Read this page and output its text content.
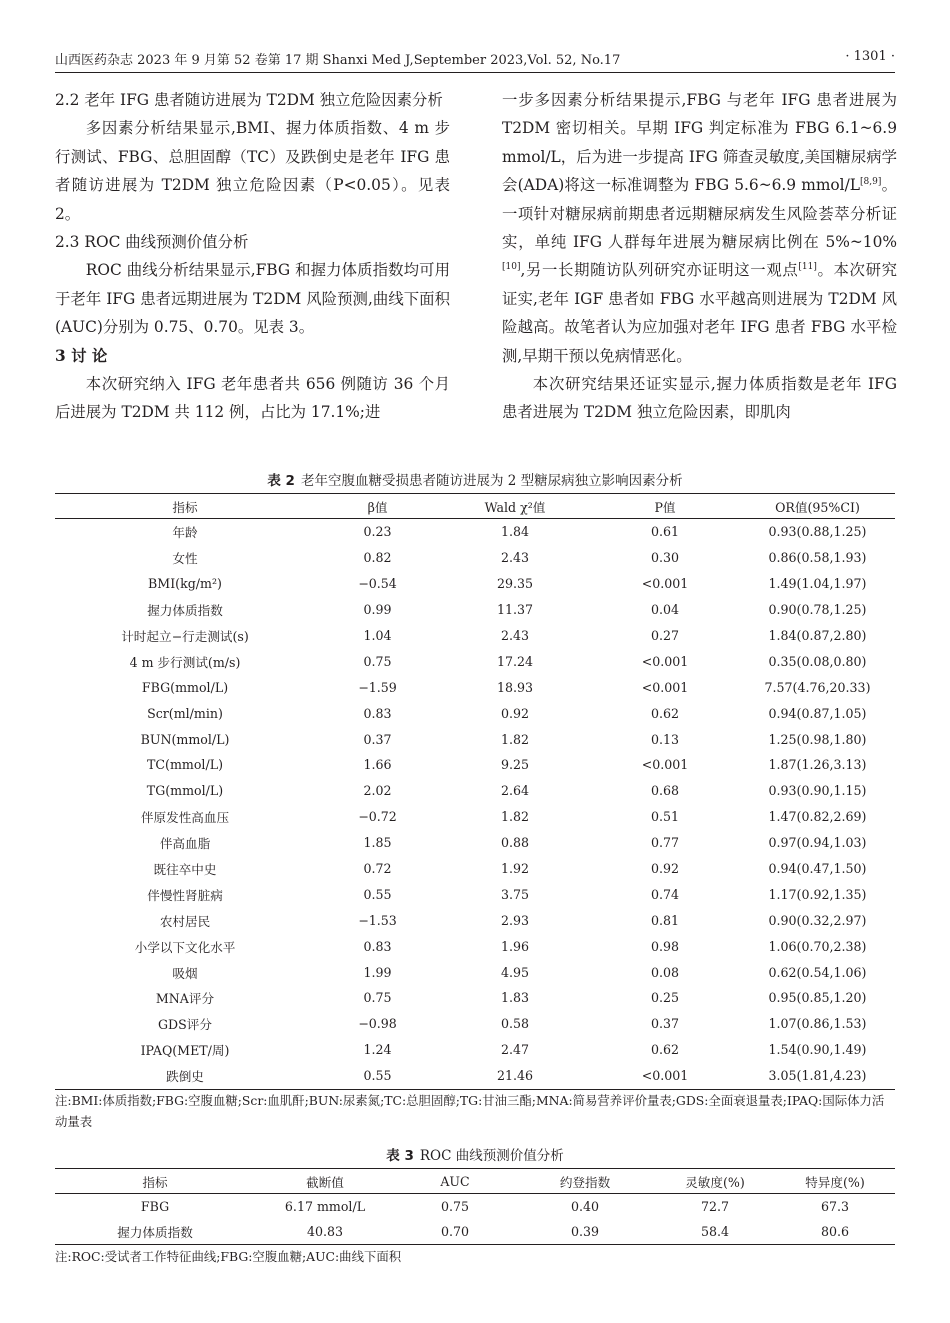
山西医药杂志 2023 年 9 月第 52 卷第 17 期 Shanxi Med J,September 2023,Vol. 52, No.17	· 1301 ·

2.2 老年 IFG 患者随访进展为 T2DM 独立危险因素分析

多因素分析结果显示,BMI、握力体质指数、4 m 步行测试、FBG、总胆固醇（TC）及跌倒史是老年 IFG 患者随访进展为 T2DM 独立危险因素（P<0.05）。见表 2。

2.3 ROC 曲线预测价值分析

ROC 曲线分析结果显示,FBG 和握力体质指数均可用于老年 IFG 患者远期进展为 T2DM 风险预测,曲线下面积(AUC)分别为 0.75、0.70。见表 3。

3 讨 论

本次研究纳入 IFG 老年患者共 656 例随访 36 个月后进展为 T2DM 共 112 例，占比为 17.1%;进

一步多因素分析结果提示,FBG 与老年 IFG 患者进展为 T2DM 密切相关。早期 IFG 判定标准为 FBG 6.1~6.9 mmol/L，后为进一步提高 IFG 筛查灵敏度,美国糖尿病学会(ADA)将这一标准调整为 FBG 5.6~6.9 mmol/L[8,9]。一项针对糖尿病前期患者远期糖尿病发生风险荟萃分析证实，单纯 IFG 人群每年进展为糖尿病比例在 5%~10%[10],另一长期随访队列研究亦证明这一观点[11]。本次研究证实,老年 IGF 患者如 FBG 水平越高则进展为 T2DM 风险越高。故笔者认为应加强对老年 IFG 患者 FBG 水平检测,早期干预以免病情恶化。

本次研究结果还证实显示,握力体质指数是老年 IFG 患者进展为 T2DM 独立危险因素，即肌肉

表 2 老年空腹血糖受损患者随访进展为 2 型糖尿病独立影响因素分析
指标	β值	Wald χ²值	P值	OR值(95%CI)
年龄	0.23	1.84	0.61	0.93(0.88,1.25)
女性	0.82	2.43	0.30	0.86(0.58,1.93)
BMI(kg/m²)	−0.54	29.35	<0.001	1.49(1.04,1.97)
握力体质指数	0.99	11.37	0.04	0.90(0.78,1.25)
计时起立−行走测试(s)	1.04	2.43	0.27	1.84(0.87,2.80)
4 m 步行测试(m/s)	0.75	17.24	<0.001	0.35(0.08,0.80)
FBG(mmol/L)	−1.59	18.93	<0.001	7.57(4.76,20.33)
Scr(ml/min)	0.83	0.92	0.62	0.94(0.87,1.05)
BUN(mmol/L)	0.37	1.82	0.13	1.25(0.98,1.80)
TC(mmol/L)	1.66	9.25	<0.001	1.87(1.26,3.13)
TG(mmol/L)	2.02	2.64	0.68	0.93(0.90,1.15)
伴原发性高血压	−0.72	1.82	0.51	1.47(0.82,2.69)
伴高血脂	1.85	0.88	0.77	0.97(0.94,1.03)
既往卒中史	0.72	1.92	0.92	0.94(0.47,1.50)
伴慢性肾脏病	0.55	3.75	0.74	1.17(0.92,1.35)
农村居民	−1.53	2.93	0.81	0.90(0.32,2.97)
小学以下文化水平	0.83	1.96	0.98	1.06(0.70,2.38)
吸烟	1.99	4.95	0.08	0.62(0.54,1.06)
MNA评分	0.75	1.83	0.25	0.95(0.85,1.20)
GDS评分	−0.98	0.58	0.37	1.07(0.86,1.53)
IPAQ(MET/周)	1.24	2.47	0.62	1.54(0.90,1.49)
跌倒史	0.55	21.46	<0.001	3.05(1.81,4.23)
注:BMI:体质指数;FBG:空腹血糖;Scr:血肌酐;BUN:尿素氮;TC:总胆固醇;TG:甘油三酯;MNA:简易营养评价量表;GDS:全面衰退量表;IPAQ:国际体力活动量表
表 3 ROC 曲线预测价值分析
指标	截断值	AUC	约登指数	灵敏度(%)	特异度(%)
FBG	6.17 mmol/L	0.75	0.40	72.7	67.3
握力体质指数	40.83	0.70	0.39	58.4	80.6
注:ROC:受试者工作特征曲线;FBG:空腹血糖;AUC:曲线下面积
